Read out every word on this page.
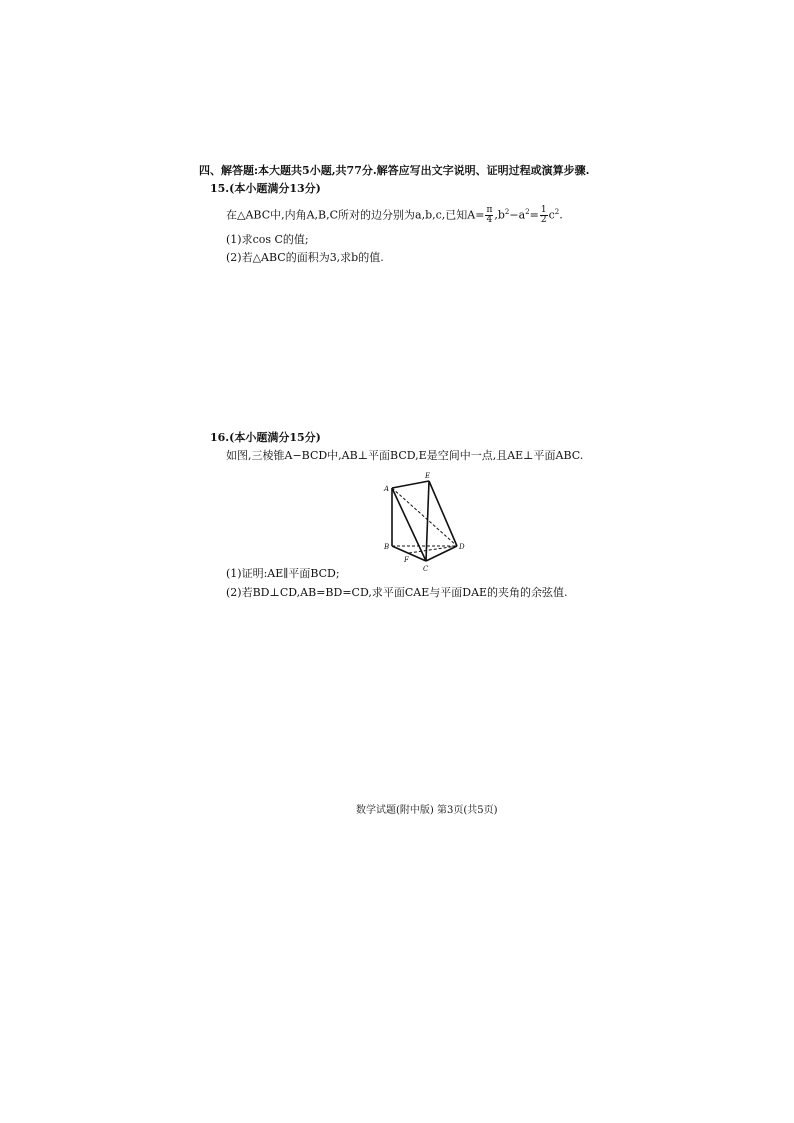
四、解答题:本大题共5小题,共77分.解答应写出文字说明、证明过程或演算步骤.
15.(本小题满分13分)
在△ABC中,内角A,B,C所对的边分别为a,b,c,已知$A= \frac{\pi}{4} ,b^2-a^2= \frac{1}{2} c^2$.
(1)求cos C的值;
(2)若△ABC的面积为3,求b的值.
16.(本小题满分15分)
如图,三棱锥A−BCD中,AB⊥平面BCD,E是空间中一点,且AE⊥平面ABC.
A
E
B	D
F
C
(1)证明:AE∥平面BCD;
(2)若BD⊥CD,AB=BD=CD,求平面CAE与平面DAE的夹角的余弦值.
数学试题(附中版) 第3页(共5页)
